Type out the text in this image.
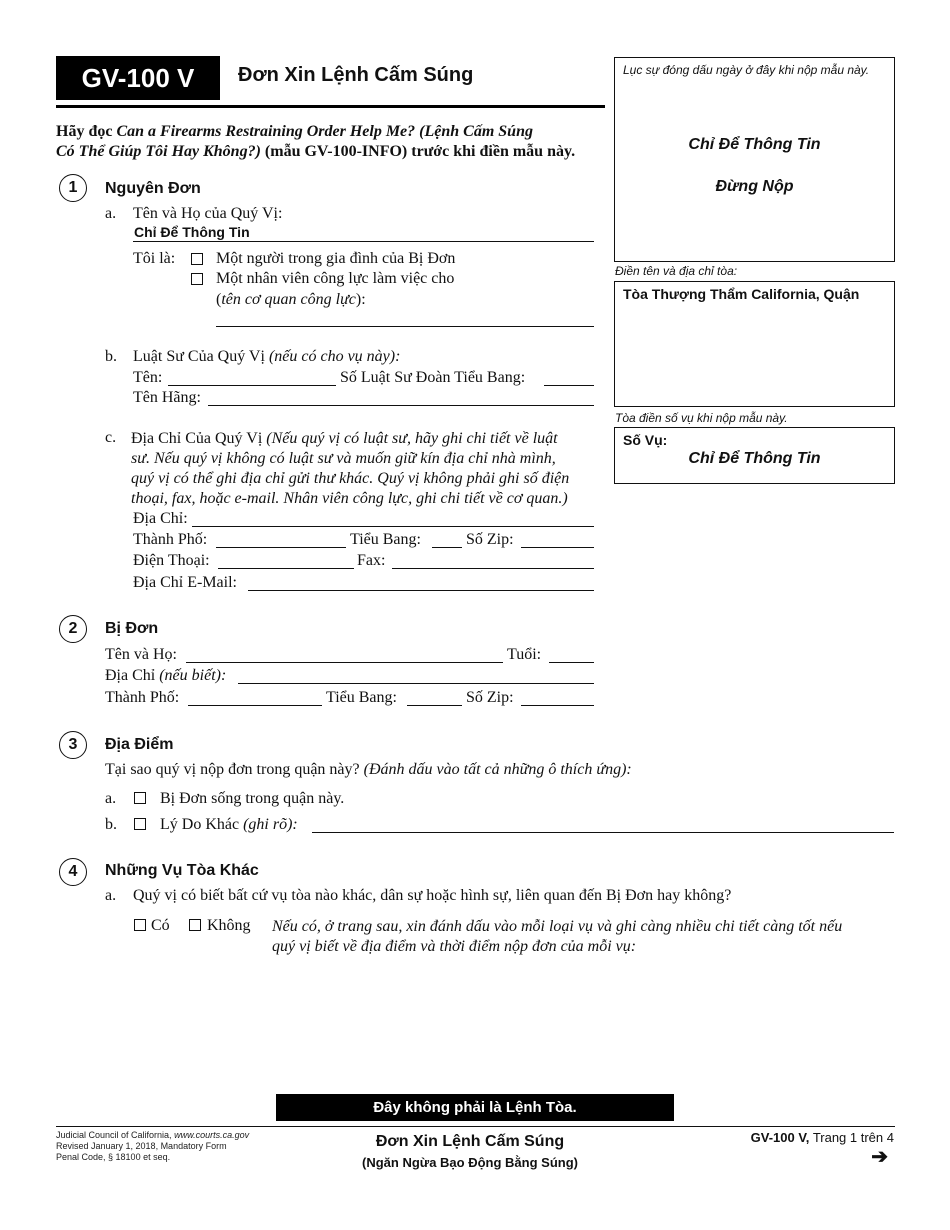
GV-100 V	Đơn Xin Lệnh Cấm Súng
Hãy đọc Can a Firearms Restraining Order Help Me? (Lệnh Cấm Súng
Có Thể Giúp Tôi Hay Không?) (mẫu GV-100-INFO) trước khi điền mẫu này.
Lục sự đóng dấu ngày ở đây khi nộp mẫu này.
Chỉ Để Thông Tin
Đừng Nộp
Điền tên và địa chỉ tòa:
Tòa Thượng Thẩm California, Quận
Tòa điền số vụ khi nộp mẫu này.
Số Vụ:
Chỉ Để Thông Tin
1	Nguyên Đơn
a. Tên và Họ của Quý Vị:
Chỉ Để Thông Tin
Tôi là:	Một người trong gia đình của Bị Đơn
Một nhân viên công lực làm việc cho
(tên cơ quan công lực):
b. Luật Sư Của Quý Vị (nếu có cho vụ này):
Tên:	Số Luật Sư Đoàn Tiểu Bang:
Tên Hãng:
c. Địa Chỉ Của Quý Vị (Nếu quý vị có luật sư, hãy ghi chi tiết về luật
sư. Nếu quý vị không có luật sư và muốn giữ kín địa chỉ nhà mình,
quý vị có thể ghi địa chỉ gửi thư khác. Quý vị không phải ghi số điện
thoại, fax, hoặc e-mail. Nhân viên công lực, ghi chi tiết về cơ quan.)
Địa Chỉ:
Thành Phố:	Tiểu Bang:	Số Zip:
Điện Thoại:	Fax:
Địa Chỉ E-Mail:
2	Bị Đơn
Tên và Họ:	Tuổi:
Địa Chỉ (nếu biết):
Thành Phố:	Tiểu Bang:	Số Zip:
3	Địa Điểm
Tại sao quý vị nộp đơn trong quận này? (Đánh dấu vào tất cả những ô thích ứng):
a.	Bị Đơn sống trong quận này.
b.	Lý Do Khác (ghi rõ):
4	Những Vụ Tòa Khác
a. Quý vị có biết bất cứ vụ tòa nào khác, dân sự hoặc hình sự, liên quan đến Bị Đơn hay không?
Có Không Nếu có, ở trang sau, xin đánh dấu vào mỗi loại vụ và ghi càng nhiều chi tiết càng tốt nếu
quý vị biết về địa điểm và thời điểm nộp đơn của mỗi vụ:
Đây không phải là Lệnh Tòa.
Judicial Council of California, www.courts.ca.gov
Revised January 1, 2018, Mandatory Form
Penal Code, § 18100 et seq.
Đơn Xin Lệnh Cấm Súng
(Ngăn Ngừa Bạo Động Bằng Súng)
GV-100 V, Trang 1 trên 4
➔
